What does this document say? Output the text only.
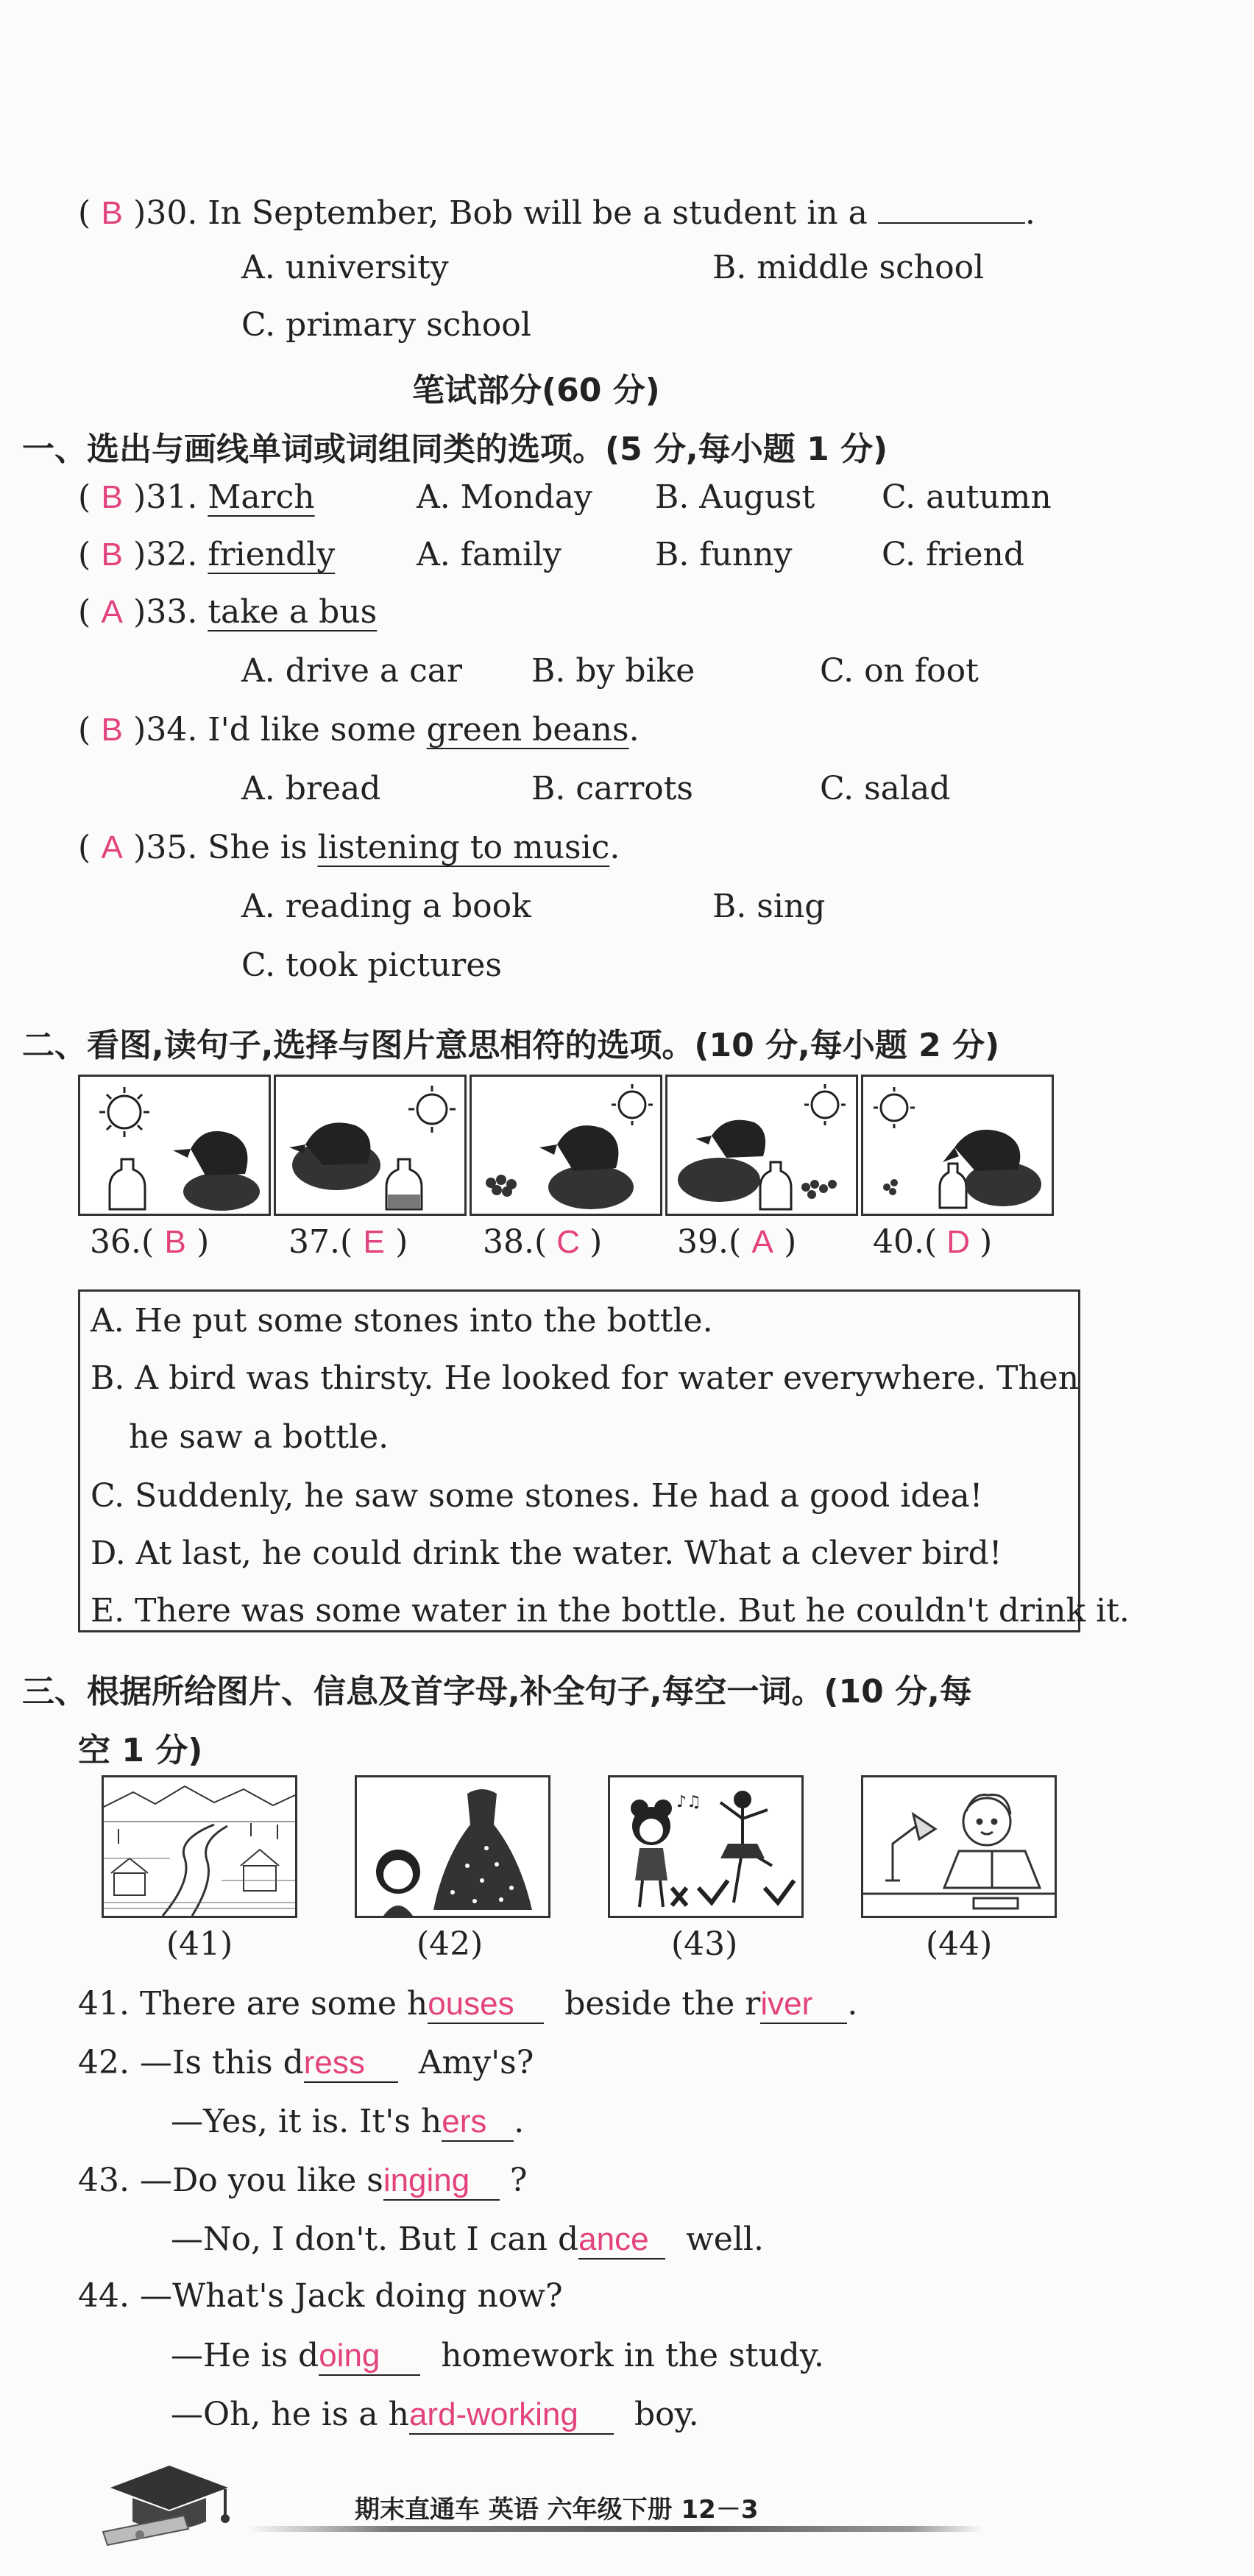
( B )30. In September, Bob will be a student in a	.
A. university	B. middle school
C. primary school
笔试部分(60 分)
一、选出与画线单词或词组同类的选项。(5 分,每小题 1 分)
( B )31. March	A. Monday B. August C. autumn
( B )32. friendly	A. family	B. funny	C. friend
( A )33. take a bus
A. drive a car B. by bike	C. on foot
( B )34. I'd like some green beans.
A. bread	B. carrots	C. salad
( A )35. She is listening to music.
A. reading a book	B. sing
C. took pictures
二、看图,读句子,选择与图片意思相符的选项。(10 分,每小题 2 分)
36.( B ) 37.( E ) 38.( C ) 39.( A ) 40.( D )
A. He put some stones into the bottle.
B. A bird was thirsty. He looked for water everywhere. Then
he saw a bottle.
C. Suddenly, he saw some stones. He had a good idea!
D. At last, he could drink the water. What a clever bird!
E. There was some water in the bottle. But he couldn't drink it.
三、根据所给图片、信息及首字母,补全句子,每空一词。(10 分,每
空 1 分)
♪♫
(41)	(42)	(43)	(44)
41. There are some houses beside the river .
42. —Is this dress Amy's?
—Yes, it is. It's hers .
43. —Do you like singing ?
—No, I don't. But I can dance well.
44. —What's Jack doing now?
—He is doing homework in the study.
—Oh, he is a hard-working boy.
期末直通车 英语 六年级下册 12－3
